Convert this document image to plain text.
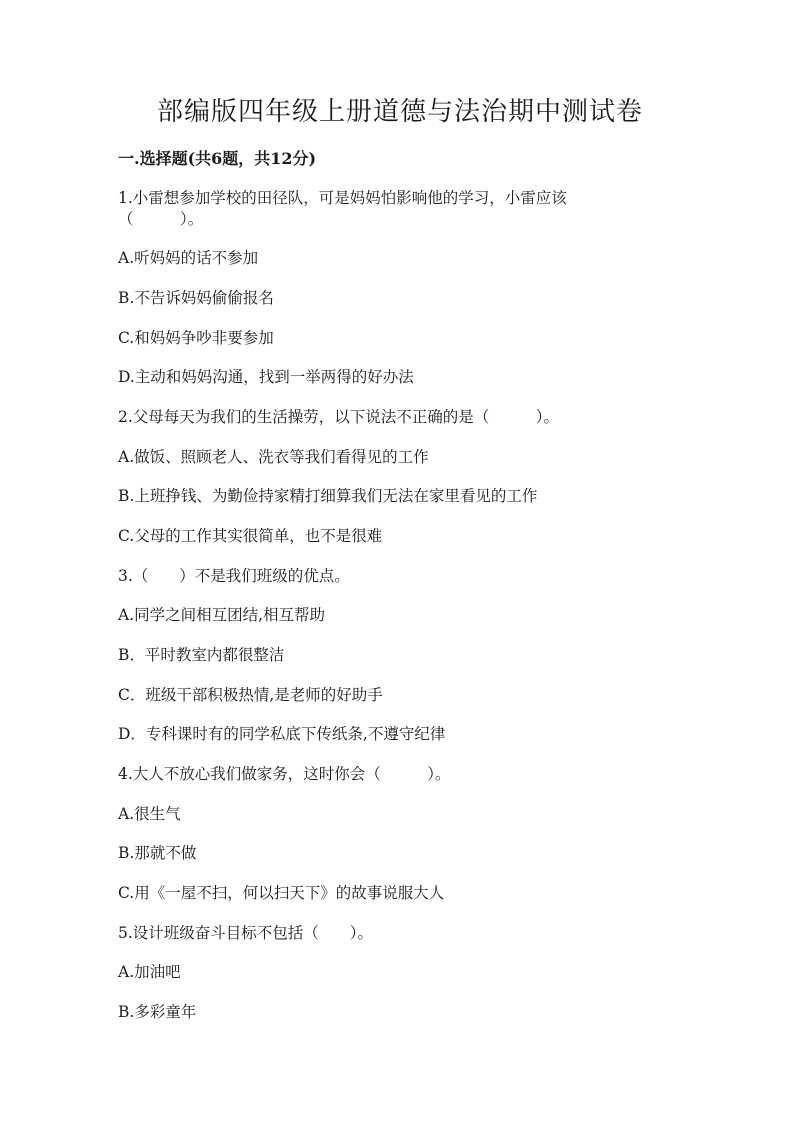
部编版四年级上册道德与法治期中测试卷

一.选择题(共6题，共12分)

1.小雷想参加学校的田径队，可是妈妈怕影响他的学习，小雷应该

（　　　）。

A.听妈妈的话不参加

B.不告诉妈妈偷偷报名

C.和妈妈争吵非要参加

D.主动和妈妈沟通，找到一举两得的好办法

2.父母每天为我们的生活操劳，以下说法不正确的是（　　　）。

A.做饭、照顾老人、洗衣等我们看得见的工作

B.上班挣钱、为勤俭持家精打细算我们无法在家里看见的工作

C.父母的工作其实很简单，也不是很难

3.（　　）不是我们班级的优点。

A.同学之间相互团结,相互帮助

B．平时教室内都很整洁

C．班级干部积极热情,是老师的好助手

D．专科课时有的同学私底下传纸条,不遵守纪律

4.大人不放心我们做家务，这时你会（　　　）。

A.很生气

B.那就不做

C.用《一屋不扫，何以扫天下》的故事说服大人

5.设计班级奋斗目标不包括（　　）。

A.加油吧

B.多彩童年
